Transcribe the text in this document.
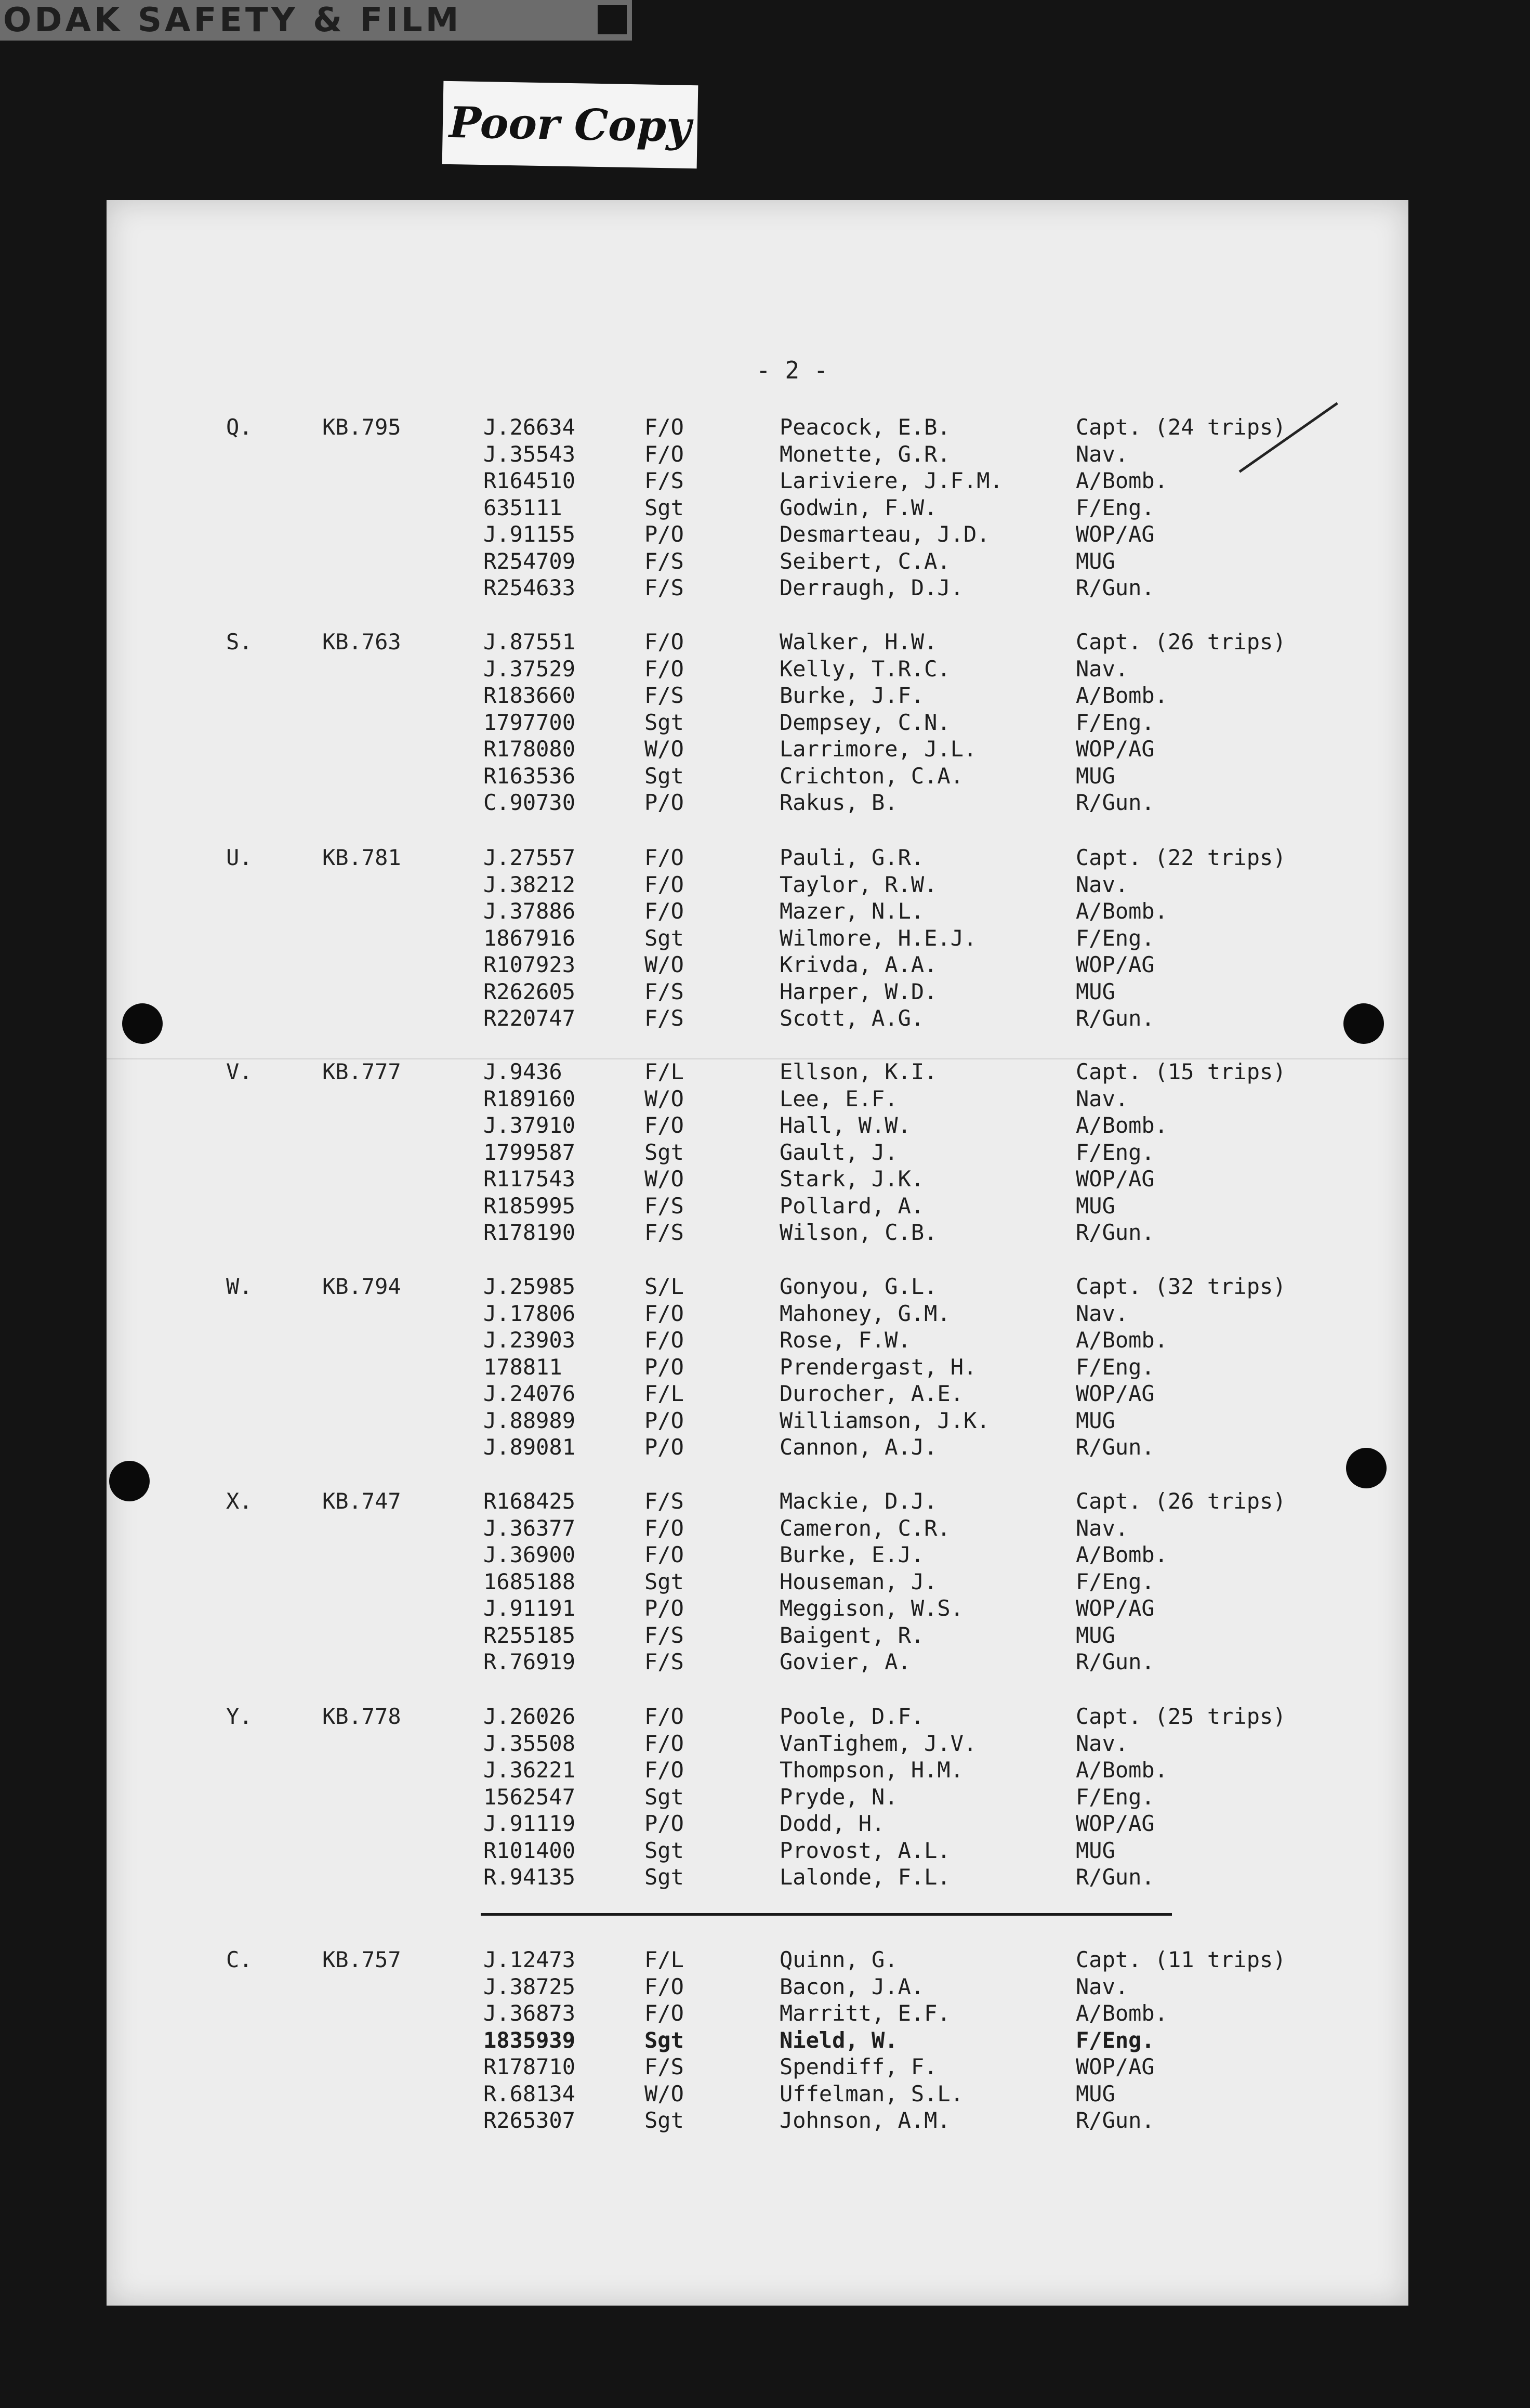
ODAK SAFETY & FILM
Poor Copy
- 2 -
Q.	KB.795	J.26634	F/O	Peacock, E.B.	Capt. (24 trips)
J.35543	F/O	Monette, G.R.	Nav.
R164510	F/S	Lariviere, J.F.M.	A/Bomb.
635111	Sgt	Godwin, F.W.	F/Eng.
J.91155	P/O	Desmarteau, J.D.	WOP/AG
R254709	F/S	Seibert, C.A.	MUG
R254633	F/S	Derraugh, D.J.	R/Gun.
S.	KB.763	J.87551	F/O	Walker, H.W.	Capt. (26 trips)
J.37529	F/O	Kelly, T.R.C.	Nav.
R183660	F/S	Burke, J.F.	A/Bomb.
1797700	Sgt	Dempsey, C.N.	F/Eng.
R178080	W/O	Larrimore, J.L.	WOP/AG
R163536	Sgt	Crichton, C.A.	MUG
C.90730	P/O	Rakus, B.	R/Gun.
U.	KB.781	J.27557	F/O	Pauli, G.R.	Capt. (22 trips)
J.38212	F/O	Taylor, R.W.	Nav.
J.37886	F/O	Mazer, N.L.	A/Bomb.
1867916	Sgt	Wilmore, H.E.J.	F/Eng.
R107923	W/O	Krivda, A.A.	WOP/AG
R262605	F/S	Harper, W.D.	MUG
R220747	F/S	Scott, A.G.	R/Gun.
V.	KB.777	J.9436	F/L	Ellson, K.I.	Capt. (15 trips)
R189160	W/O	Lee, E.F.	Nav.
J.37910	F/O	Hall, W.W.	A/Bomb.
1799587	Sgt	Gault, J.	F/Eng.
R117543	W/O	Stark, J.K.	WOP/AG
R185995	F/S	Pollard, A.	MUG
R178190	F/S	Wilson, C.B.	R/Gun.
W.	KB.794	J.25985	S/L	Gonyou, G.L.	Capt. (32 trips)
J.17806	F/O	Mahoney, G.M.	Nav.
J.23903	F/O	Rose, F.W.	A/Bomb.
178811	P/O	Prendergast, H.	F/Eng.
J.24076	F/L	Durocher, A.E.	WOP/AG
J.88989	P/O	Williamson, J.K.	MUG
J.89081	P/O	Cannon, A.J.	R/Gun.
X.	KB.747	R168425	F/S	Mackie, D.J.	Capt. (26 trips)
J.36377	F/O	Cameron, C.R.	Nav.
J.36900	F/O	Burke, E.J.	A/Bomb.
1685188	Sgt	Houseman, J.	F/Eng.
J.91191	P/O	Meggison, W.S.	WOP/AG
R255185	F/S	Baigent, R.	MUG
R.76919	F/S	Govier, A.	R/Gun.
Y.	KB.778	J.26026	F/O	Poole, D.F.	Capt. (25 trips)
J.35508	F/O	VanTighem, J.V.	Nav.
J.36221	F/O	Thompson, H.M.	A/Bomb.
1562547	Sgt	Pryde, N.	F/Eng.
J.91119	P/O	Dodd, H.	WOP/AG
R101400	Sgt	Provost, A.L.	MUG
R.94135	Sgt	Lalonde, F.L.	R/Gun.
C.	KB.757	J.12473	F/L	Quinn, G.	Capt. (11 trips)
J.38725	F/O	Bacon, J.A.	Nav.
J.36873	F/O	Marritt, E.F.	A/Bomb.
1835939	Sgt	Nield, W.	F/Eng.
R178710	F/S	Spendiff, F.	WOP/AG
R.68134	W/O	Uffelman, S.L.	MUG
R265307	Sgt	Johnson, A.M.	R/Gun.
